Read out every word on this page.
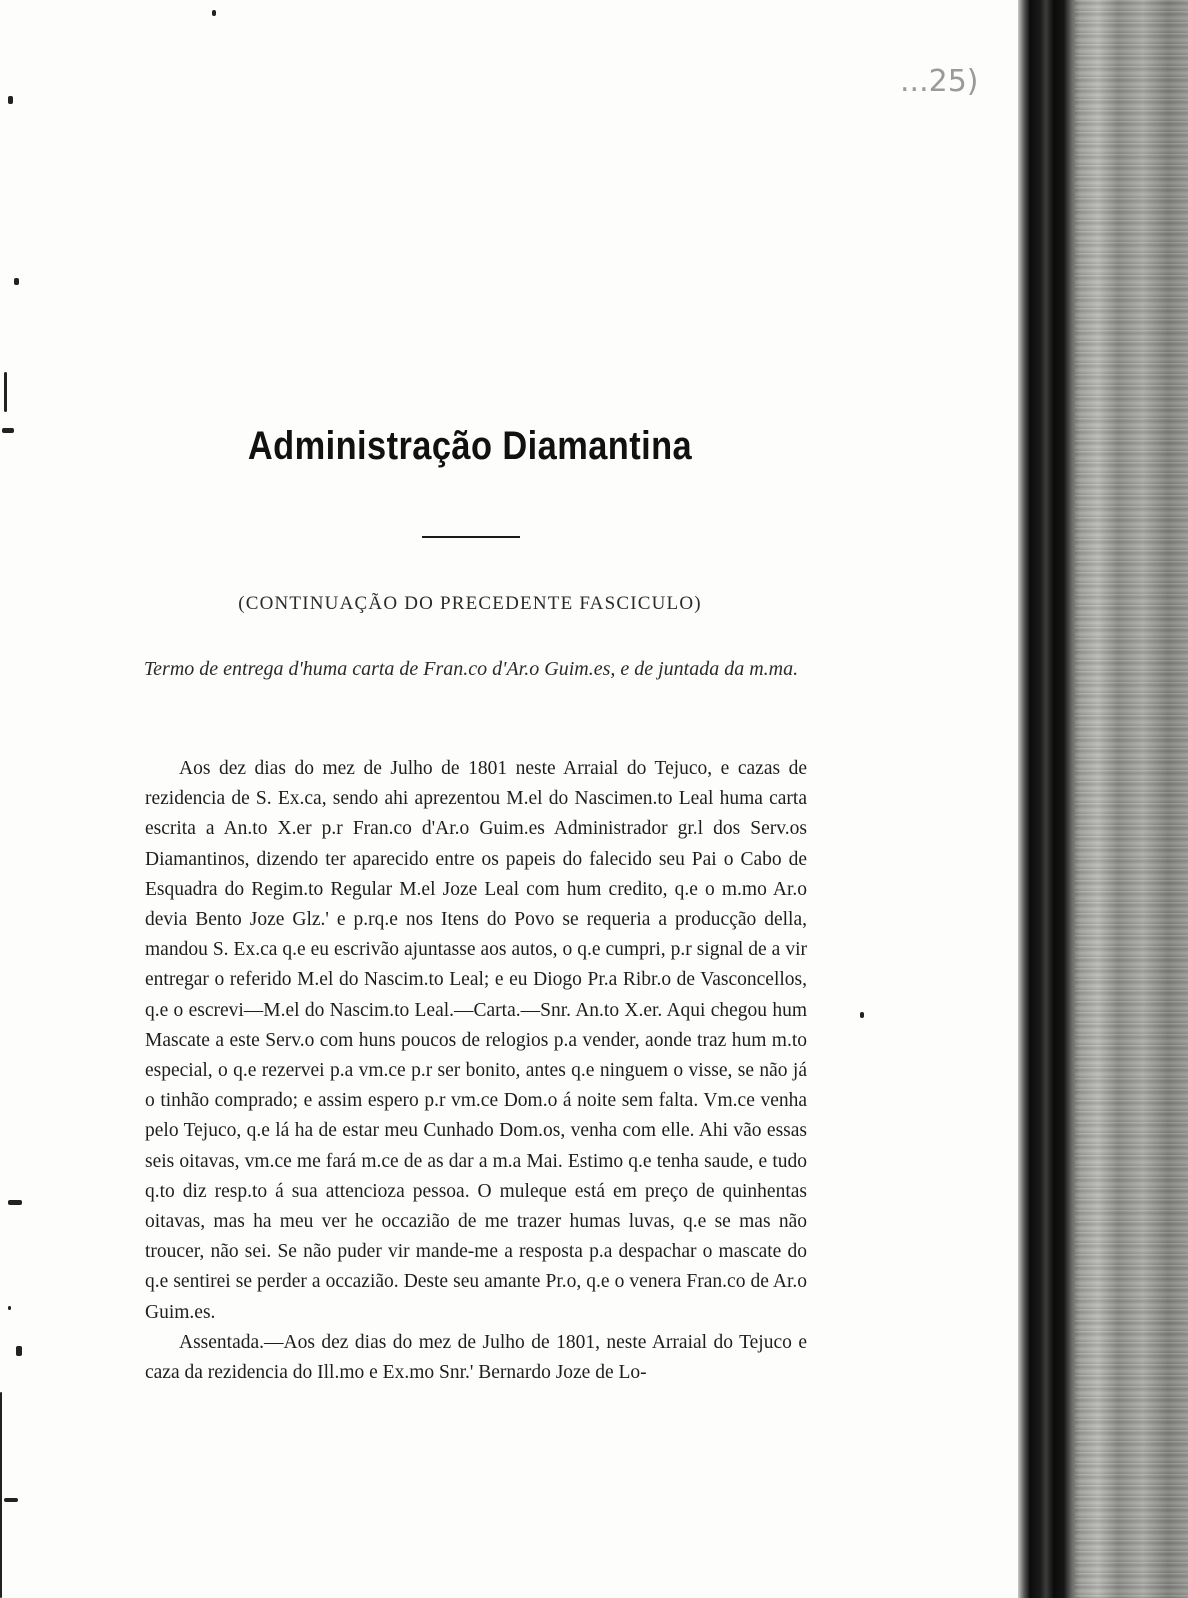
...25)
Administração Diamantina
(CONTINUAÇÃO DO PRECEDENTE FASCICULO)
Termo de entrega d'huma carta de Fran.co d'Ar.o Guim.es, e de juntada da m.ma.

Aos dez dias do mez de Julho de 1801 neste Arraial do Tejuco, e cazas de rezidencia de S. Ex.ca, sendo ahi aprezentou M.el do Nascimen.to Leal huma carta escrita a An.to X.er p.r Fran.co d'Ar.o Guim.es Administrador gr.l dos Serv.os Diamantinos, dizendo ter aparecido entre os papeis do falecido seu Pai o Cabo de Esquadra do Regim.to Regular M.el Joze Leal com hum credito, q.e o m.mo Ar.o devia Bento Joze Glz.' e p.rq.e nos Itens do Povo se requeria a producção della, mandou S. Ex.ca q.e eu escrivão ajuntasse aos autos, o q.e cumpri, p.r signal de a vir entregar o referido M.el do Nascim.to Leal; e eu Diogo Pr.a Ribr.o de Vasconcellos, q.e o escrevi—M.el do Nascim.to Leal.—Carta.—Snr. An.to X.er. Aqui chegou hum Mascate a este Serv.o com huns poucos de relogios p.a vender, aonde traz hum m.to especial, o q.e rezervei p.a vm.ce p.r ser bonito, antes q.e ninguem o visse, se não já o tinhão comprado; e assim espero p.r vm.ce Dom.o á noite sem falta. Vm.ce venha pelo Tejuco, q.e lá ha de estar meu Cunhado Dom.os, venha com elle. Ahi vão essas seis oitavas, vm.ce me fará m.ce de as dar a m.a Mai. Estimo q.e tenha saude, e tudo q.to diz resp.to á sua attencioza pessoa. O muleque está em preço de quinhentas oitavas, mas ha meu ver he occazião de me trazer humas luvas, q.e se mas não troucer, não sei. Se não puder vir mande-me a resposta p.a despachar o mascate do q.e sentirei se perder a occazião. Deste seu amante Pr.o, q.e o venera Fran.co de Ar.o Guim.es.

Assentada.—Aos dez dias do mez de Julho de 1801, neste Arraial do Tejuco e caza da rezidencia do Ill.mo e Ex.mo Snr.' Bernardo Joze de Lo-
